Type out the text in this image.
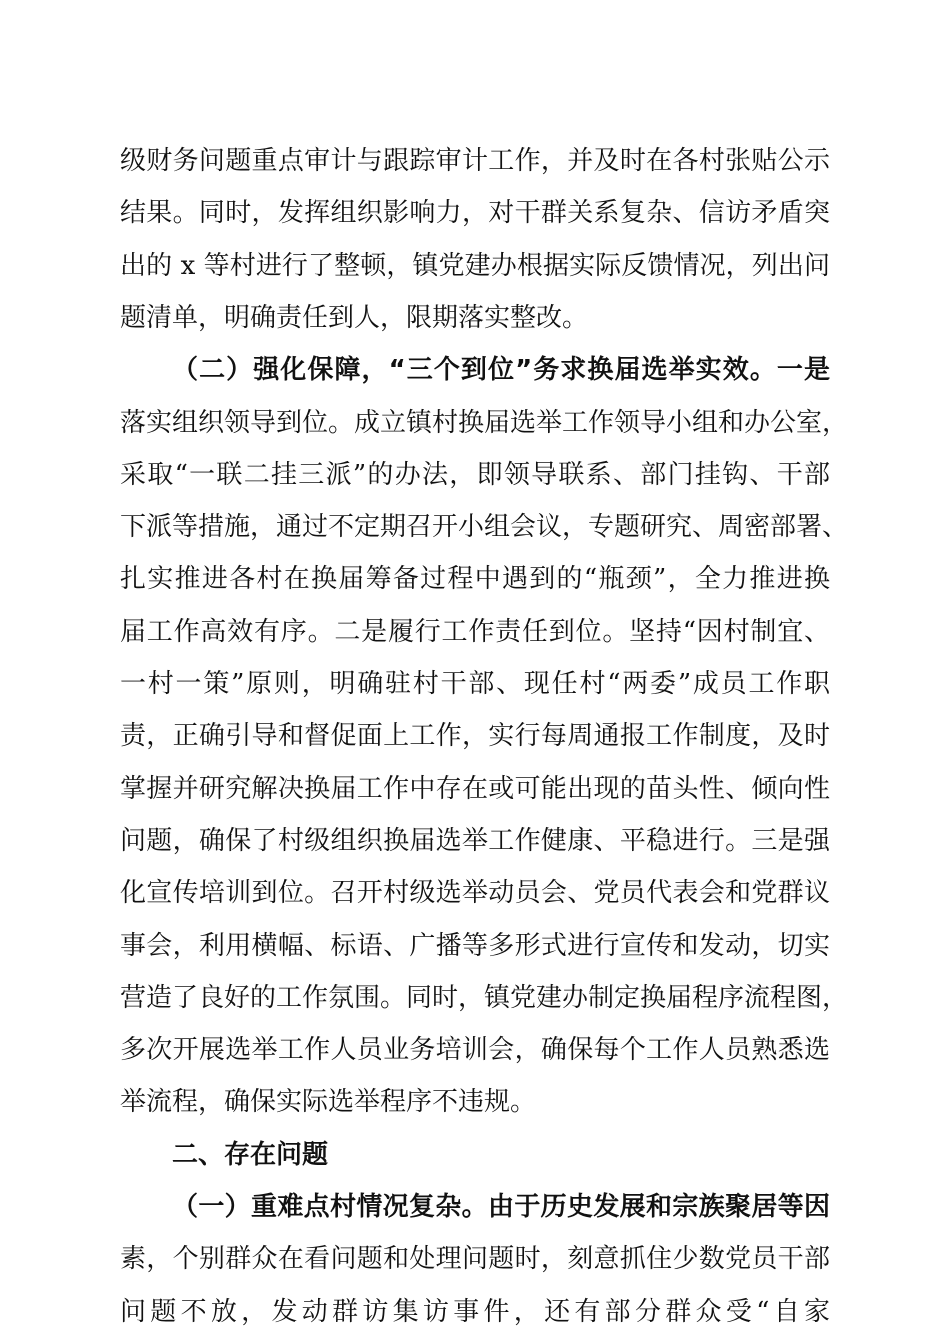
级财务问题重点审计与跟踪审计工作，并及时在各村张贴公示
结果。同时，发挥组织影响力，对干群关系复杂、信访矛盾突
出的 x 等村进行了整顿，镇党建办根据实际反馈情况，列出问
题清单，明确责任到人，限期落实整改。
（二）强化保障，“三个到位”务求换届选举实效。一是
落实组织领导到位。成立镇村换届选举工作领导小组和办公室，
采取“一联二挂三派”的办法，即领导联系、部门挂钩、干部
下派等措施，通过不定期召开小组会议，专题研究、周密部署、
扎实推进各村在换届筹备过程中遇到的“瓶颈”，全力推进换
届工作高效有序。二是履行工作责任到位。坚持“因村制宜、
一村一策”原则，明确驻村干部、现任村“两委”成员工作职
责，正确引导和督促面上工作，实行每周通报工作制度，及时
掌握并研究解决换届工作中存在或可能出现的苗头性、倾向性
问题，确保了村级组织换届选举工作健康、平稳进行。三是强
化宣传培训到位。召开村级选举动员会、党员代表会和党群议
事会，利用横幅、标语、广播等多形式进行宣传和发动，切实
营造了良好的工作氛围。同时，镇党建办制定换届程序流程图，
多次开展选举工作人员业务培训会，确保每个工作人员熟悉选
举流程，确保实际选举程序不违规。
二、存在问题
（一）重难点村情况复杂。由于历史发展和宗族聚居等因
素，个别群众在看问题和处理问题时，刻意抓住少数党员干部
问题不放，发动群访集访事件，还有部分群众受“自家
